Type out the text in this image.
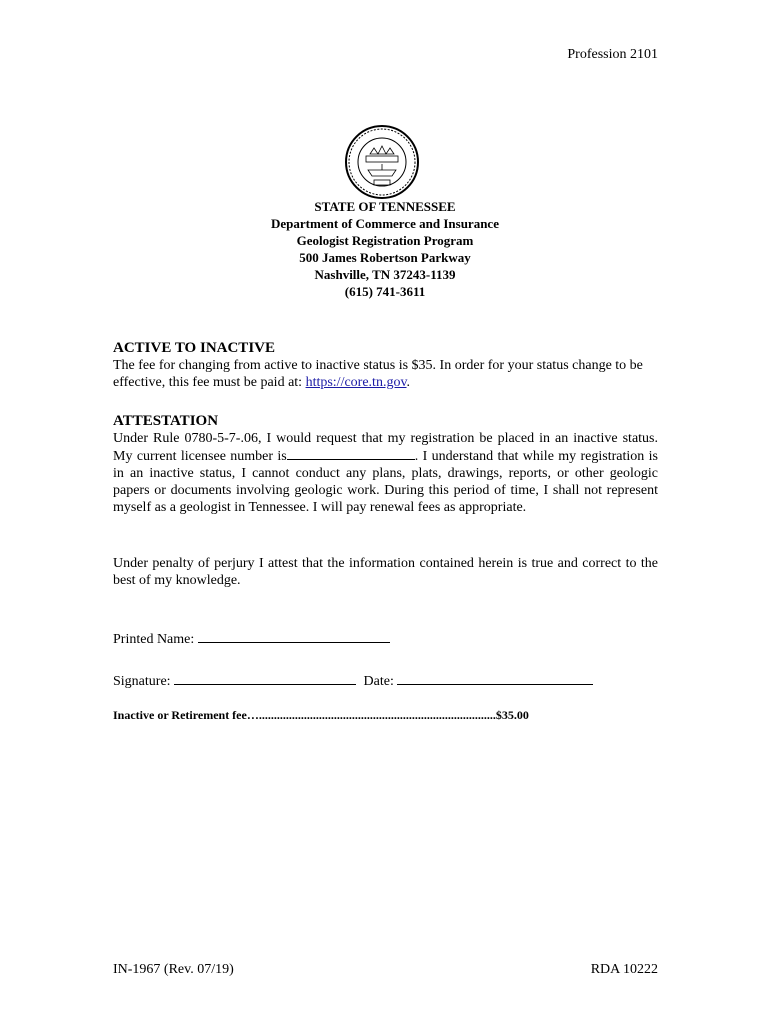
Profession 2101
STATE OF TENNESSEE
Department of Commerce and Insurance
Geologist Registration Program
500 James Robertson Parkway
Nashville, TN 37243-1139
(615) 741-3611
ACTIVE TO INACTIVE

The fee for changing from active to inactive status is $35. In order for your status change to be effective, this fee must be paid at: https://core.tn.gov.

ATTESTATION

Under Rule 0780-5-7-.06, I would request that my registration be placed in an inactive status. My current licensee number is	. I understand that while my registration is in an inactive status, I cannot conduct any plans, plats, drawings, reports, or other geologic papers or documents involving geologic work. During this period of time, I shall not represent myself as a geologist in Tennessee. I will pay renewal fees as appropriate.

Under penalty of perjury I attest that the information contained herein is true and correct to the best of my knowledge.

Printed Name:
Signature:	Date:
Inactive or Retirement fee…...............................................................................$35.00
IN-1967 (Rev. 07/19)	RDA 10222
